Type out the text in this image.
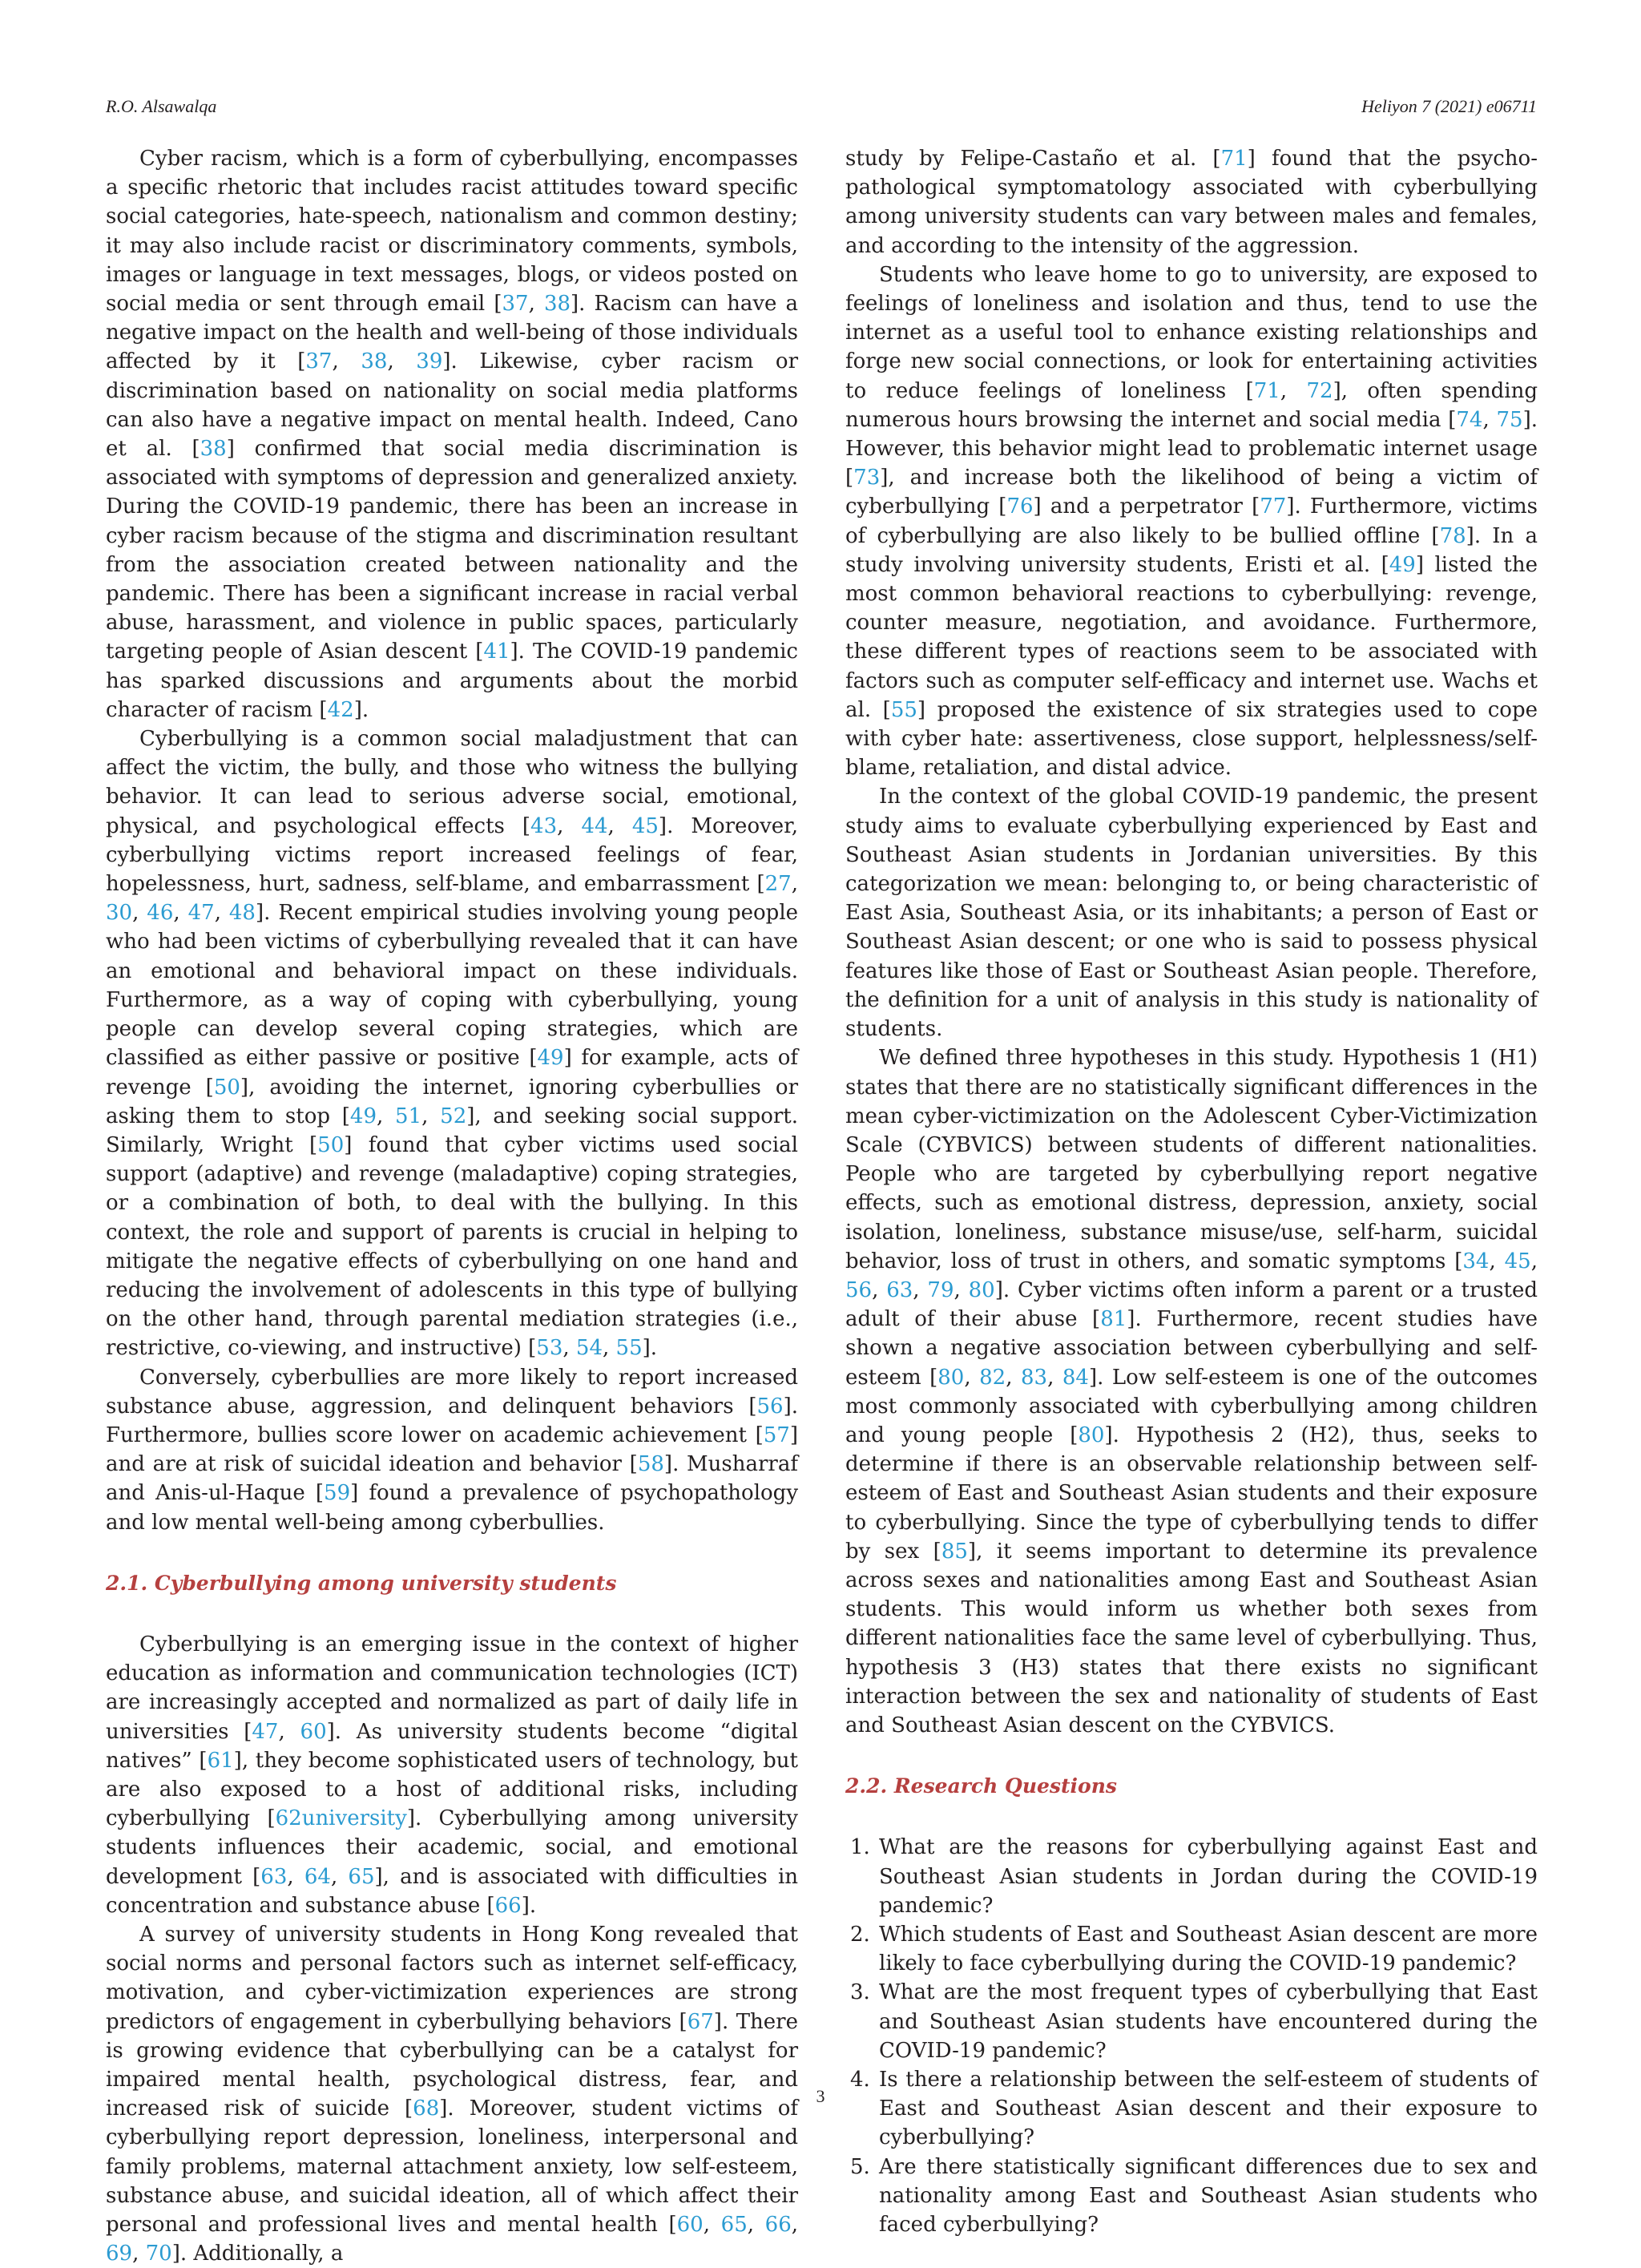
R.O. Alsawalqa	Heliyon 7 (2021) e06711

Cyber racism, which is a form of cyberbullying, encompasses a specific rhetoric that includes racist attitudes toward specific social categories, hate-speech, nationalism and common destiny; it may also include racist or discriminatory comments, symbols, images or language in text messages, blogs, or videos posted on social media or sent through email [37, 38]. Racism can have a negative impact on the health and well-being of those individuals affected by it [37, 38, 39]. Likewise, cyber racism or discrimination based on nationality on social media platforms can also have a negative impact on mental health. Indeed, Cano et al. [38] confirmed that social media discrimination is associated with symptoms of depression and generalized anxiety. During the COVID-19 pandemic, there has been an increase in cyber racism because of the stigma and discrimination resultant from the association created between nationality and the pandemic. There has been a significant increase in racial verbal abuse, harassment, and violence in public spaces, particularly targeting people of Asian descent [41]. The COVID-19 pandemic has sparked discussions and arguments about the morbid character of racism [42].

Cyberbullying is a common social maladjustment that can affect the victim, the bully, and those who witness the bullying behavior. It can lead to serious adverse social, emotional, physical, and psychological effects [43, 44, 45]. Moreover, cyberbullying victims report increased feelings of fear, hopelessness, hurt, sadness, self-blame, and embarrassment [27, 30, 46, 47, 48]. Recent empirical studies involving young people who had been victims of cyberbullying revealed that it can have an emotional and behavioral impact on these individuals. Furthermore, as a way of coping with cyberbullying, young people can develop several coping strategies, which are classified as either passive or positive [49] for example, acts of revenge [50], avoiding the internet, ignoring cyberbullies or asking them to stop [49, 51, 52], and seeking social support. Similarly, Wright [50] found that cyber victims used social support (adaptive) and revenge (maladaptive) coping strategies, or a combination of both, to deal with the bullying. In this context, the role and support of parents is crucial in helping to mitigate the negative effects of cyberbullying on one hand and reducing the involvement of adolescents in this type of bullying on the other hand, through parental mediation strategies (i.e., restrictive, co-viewing, and instructive) [53, 54, 55].

Conversely, cyberbullies are more likely to report increased substance abuse, aggression, and delinquent behaviors [56]. Furthermore, bullies score lower on academic achievement [57] and are at risk of suicidal ideation and behavior [58]. Musharraf and Anis-ul-Haque [59] found a prevalence of psychopathology and low mental well-being among cyberbullies.

2.1. Cyberbullying among university students

Cyberbullying is an emerging issue in the context of higher education as information and communication technologies (ICT) are increasingly accepted and normalized as part of daily life in universities [47, 60]. As university students become “digital natives” [61], they become sophisticated users of technology, but are also exposed to a host of additional risks, including cyberbullying [62university]. Cyberbullying among university students influences their academic, social, and emotional development [63, 64, 65], and is associated with difficulties in concentration and substance abuse [66].

A survey of university students in Hong Kong revealed that social norms and personal factors such as internet self-efficacy, motivation, and cyber-victimization experiences are strong predictors of engagement in cyberbullying behaviors [67]. There is growing evidence that cyberbullying can be a catalyst for impaired mental health, psychological distress, fear, and increased risk of suicide [68]. Moreover, student victims of cyberbullying report depression, loneliness, interpersonal and family problems, maternal attachment anxiety, low self-esteem, substance abuse, and suicidal ideation, all of which affect their personal and professional lives and mental health [60, 65, 66, 69, 70]. Additionally, a

study by Felipe-Castaño et al. [71] found that the psycho-pathological symptomatology associated with cyberbullying among university students can vary between males and females, and according to the intensity of the aggression.

Students who leave home to go to university, are exposed to feelings of loneliness and isolation and thus, tend to use the internet as a useful tool to enhance existing relationships and forge new social connections, or look for entertaining activities to reduce feelings of loneliness [71, 72], often spending numerous hours browsing the internet and social media [74, 75]. However, this behavior might lead to problematic internet usage [73], and increase both the likelihood of being a victim of cyberbullying [76] and a perpetrator [77]. Furthermore, victims of cyberbullying are also likely to be bullied offline [78]. In a study involving university students, Eristi et al. [49] listed the most common behavioral reactions to cyberbullying: revenge, counter measure, negotiation, and avoidance. Furthermore, these different types of reactions seem to be associated with factors such as computer self-efficacy and internet use. Wachs et al. [55] proposed the existence of six strategies used to cope with cyber hate: assertiveness, close support, helplessness/self-blame, retaliation, and distal advice.

In the context of the global COVID-19 pandemic, the present study aims to evaluate cyberbullying experienced by East and Southeast Asian students in Jordanian universities. By this categorization we mean: belonging to, or being characteristic of East Asia, Southeast Asia, or its inhabitants; a person of East or Southeast Asian descent; or one who is said to possess physical features like those of East or Southeast Asian people. Therefore, the definition for a unit of analysis in this study is nationality of students.

We defined three hypotheses in this study. Hypothesis 1 (H1) states that there are no statistically significant differences in the mean cyber-victimization on the Adolescent Cyber-Victimization Scale (CYBVICS) between students of different nationalities. People who are targeted by cyberbullying report negative effects, such as emotional distress, depression, anxiety, social isolation, loneliness, substance misuse/use, self-harm, suicidal behavior, loss of trust in others, and somatic symptoms [34, 45, 56, 63, 79, 80]. Cyber victims often inform a parent or a trusted adult of their abuse [81]. Furthermore, recent studies have shown a negative association between cyberbullying and self-esteem [80, 82, 83, 84]. Low self-esteem is one of the outcomes most commonly associated with cyberbullying among children and young people [80]. Hypothesis 2 (H2), thus, seeks to determine if there is an observable relationship between self-esteem of East and Southeast Asian students and their exposure to cyberbullying. Since the type of cyberbullying tends to differ by sex [85], it seems important to determine its prevalence across sexes and nationalities among East and Southeast Asian students. This would inform us whether both sexes from different nationalities face the same level of cyberbullying. Thus, hypothesis 3 (H3) states that there exists no significant interaction between the sex and nationality of students of East and Southeast Asian descent on the CYBVICS.

2.2. Research Questions
1. What are the reasons for cyberbullying against East and Southeast Asian students in Jordan during the COVID-19 pandemic?
2. Which students of East and Southeast Asian descent are more likely to face cyberbullying during the COVID-19 pandemic?
3. What are the most frequent types of cyberbullying that East and Southeast Asian students have encountered during the COVID-19 pandemic?
4. Is there a relationship between the self-esteem of students of East and Southeast Asian descent and their exposure to cyberbullying?
5. Are there statistically significant differences due to sex and nationality among East and Southeast Asian students who faced cyberbullying?
3
